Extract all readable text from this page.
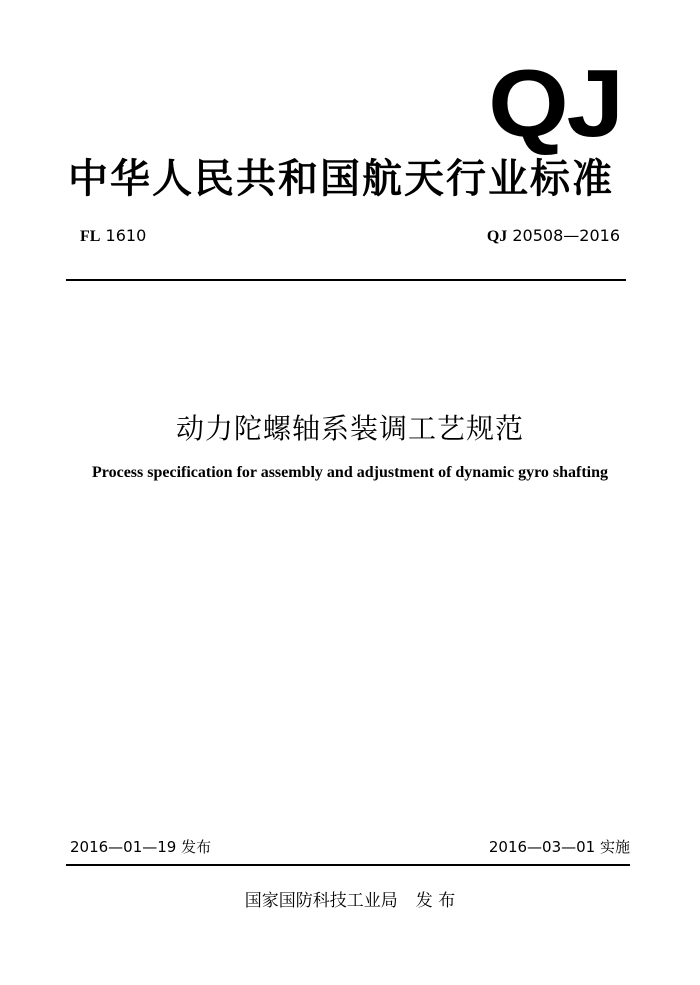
QJ
中华人民共和国航天行业标准
FL 1610	QJ 20508—2016
动力陀螺轴系装调工艺规范
Process specification for assembly and adjustment of dynamic gyro shafting
2016—01—19 发布	2016—03—01 实施
国家国防科技工业局 发 布
